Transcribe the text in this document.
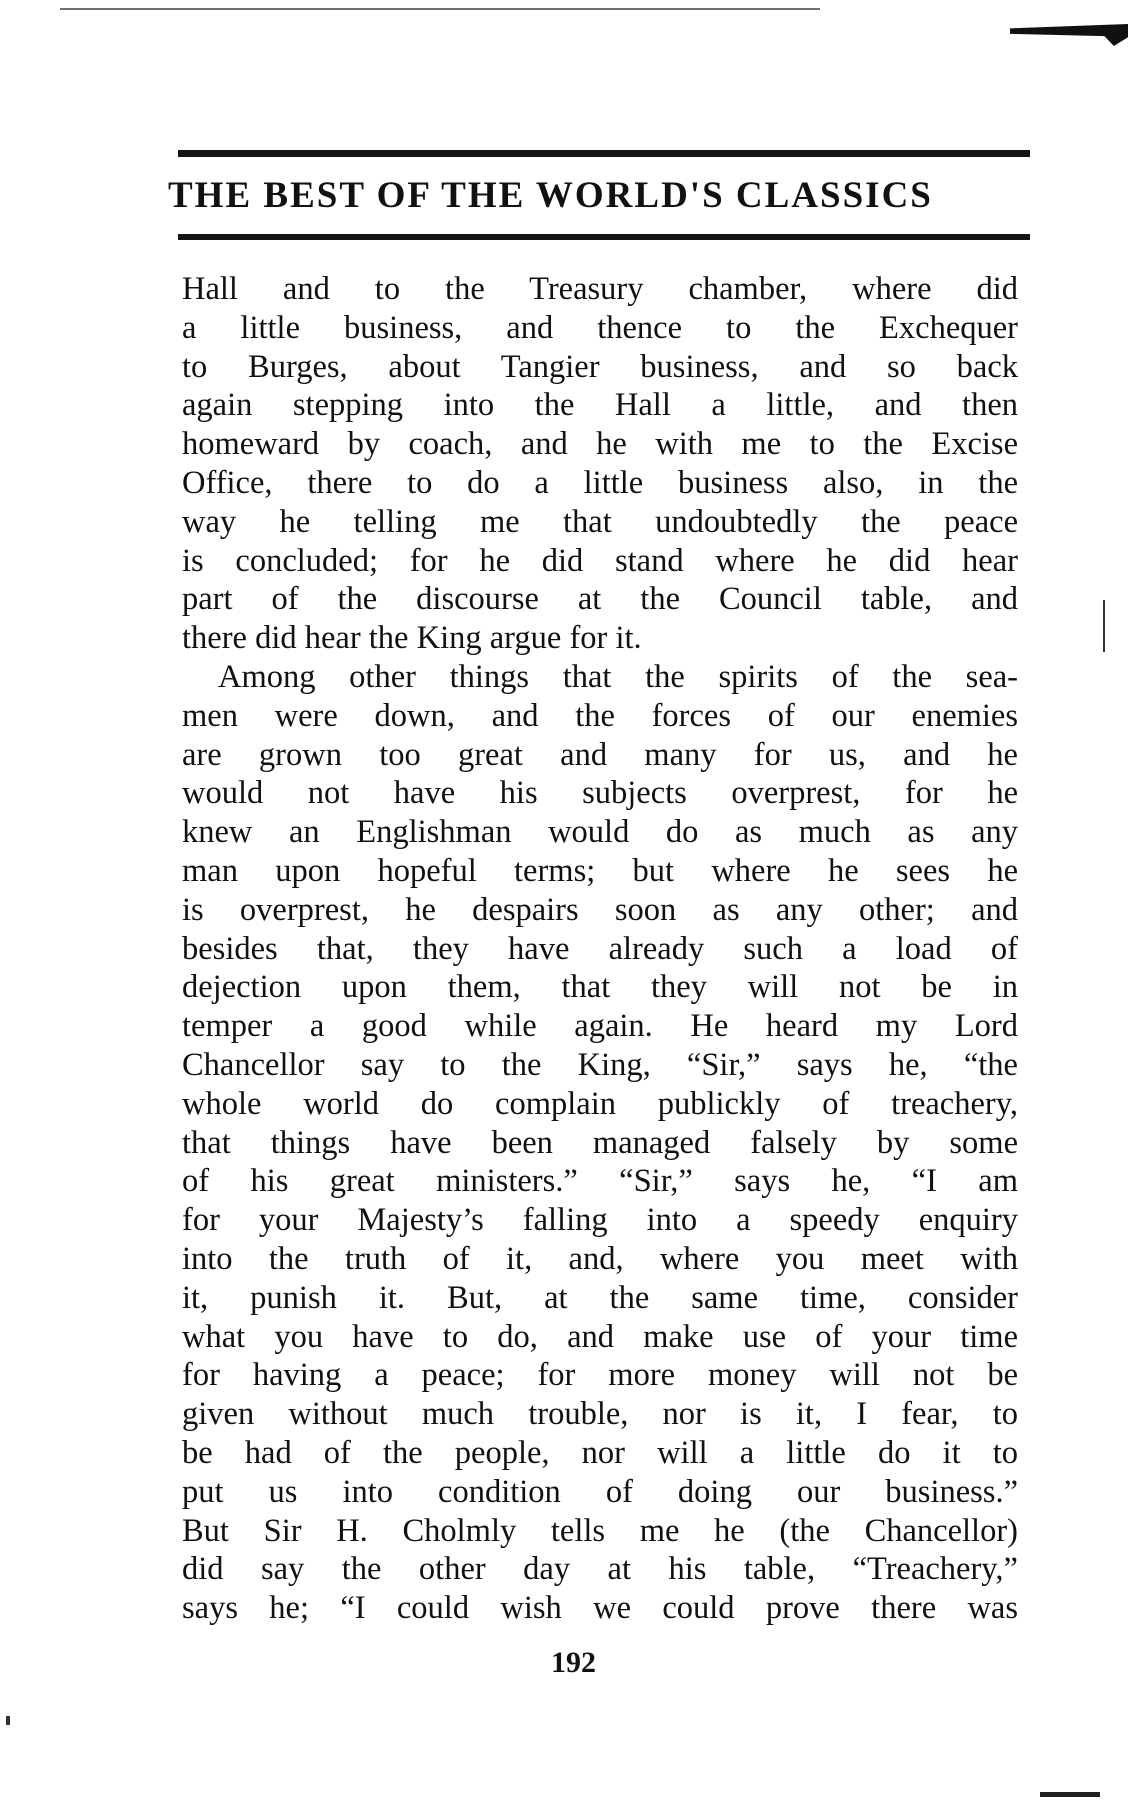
THE BEST OF THE WORLD'S CLASSICS
Hall and to the Treasury chamber, where did
a little business, and thence to the Exchequer
to Burges, about Tangier business, and so back
again stepping into the Hall a little, and then
homeward by coach, and he with me to the Excise
Office, there to do a little business also, in the
way he telling me that undoubtedly the peace
is concluded; for he did stand where he did hear
part of the discourse at the Council table, and
there did hear the King argue for it.
Among other things that the spirits of the sea-
men were down, and the forces of our enemies
are grown too great and many for us, and he
would not have his subjects overprest, for he
knew an Englishman would do as much as any
man upon hopeful terms; but where he sees he
is overprest, he despairs soon as any other; and
besides that, they have already such a load of
dejection upon them, that they will not be in
temper a good while again. He heard my Lord
Chancellor say to the King, “Sir,” says he, “the
whole world do complain publickly of treachery,
that things have been managed falsely by some
of his great ministers.” “Sir,” says he, “I am
for your Majesty’s falling into a speedy enquiry
into the truth of it, and, where you meet with
it, punish it. But, at the same time, consider
what you have to do, and make use of your time
for having a peace; for more money will not be
given without much trouble, nor is it, I fear, to
be had of the people, nor will a little do it to
put us into condition of doing our business.”
But Sir H. Cholmly tells me he (the Chancellor)
did say the other day at his table, “Treachery,”
says he; “I could wish we could prove there was
192
